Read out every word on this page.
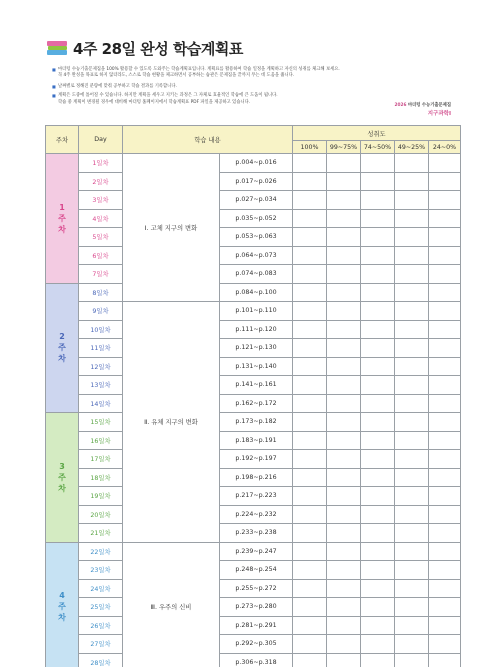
4주 28일 완성 학습계획표
■ 마더텅 수능기출문제집을 100% 활용할 수 있도록 도와주는 학습계획표입니다. 계획표를 활용하여 학습 일정을 계획하고 자신의 성취를 체크해 보세요.
꼭 4주 완성을 목표로 하지 않더라도, 스스로 학습 현황을 체크하면서 공부하는 습관은 문제집을 끝까지 푸는 데 도움을 줍니다.
■ 날짜별로 정해진 분량에 맞춰 공부하고 학습 결과를 기록합니다.
■ 계획은 도중에 틀어질 수 있습니다. 하지만 계획을 세우고 지키는 과정은 그 자체로 효율적인 학습에 큰 도움이 됩니다.
학습 중 계획이 변경될 경우에 대비해 마더텅 홈페이지에서 학습계획표 PDF 파일을 제공하고 있습니다.
2026 마더텅 수능기출문제집
지구과학Ⅰ
주차	Day	학습 내용		성취도				
				100%	99~75%	74~50%	49~25%	24~0%

1
주
차	1일차	Ⅰ. 고체 지구의 변화	p.004~p.016					
	2일차		p.017~p.026					
	3일차		p.027~p.034					
	4일차		p.035~p.052					
	5일차		p.053~p.063					
	6일차		p.064~p.073					
	7일차		p.074~p.083					

2
주
차	8일차		p.084~p.100					
	9일차	Ⅱ. 유체 지구의 변화	p.101~p.110					
	10일차		p.111~p.120					
	11일차		p.121~p.130					
	12일차		p.131~p.140					
	13일차		p.141~p.161					
	14일차		p.162~p.172					

3
주
차	15일차		p.173~p.182					
	16일차		p.183~p.191					
	17일차		p.192~p.197					
	18일차		p.198~p.216					
	19일차		p.217~p.223					
	20일차		p.224~p.232					
	21일차		p.233~p.238					

4
주
차	22일차	Ⅲ. 우주의 신비	p.239~p.247					
	23일차		p.248~p.254					
	24일차		p.255~p.272					
	25일차		p.273~p.280					
	26일차		p.281~p.291					
	27일차		p.292~p.305					
	28일차		p.306~p.318					
